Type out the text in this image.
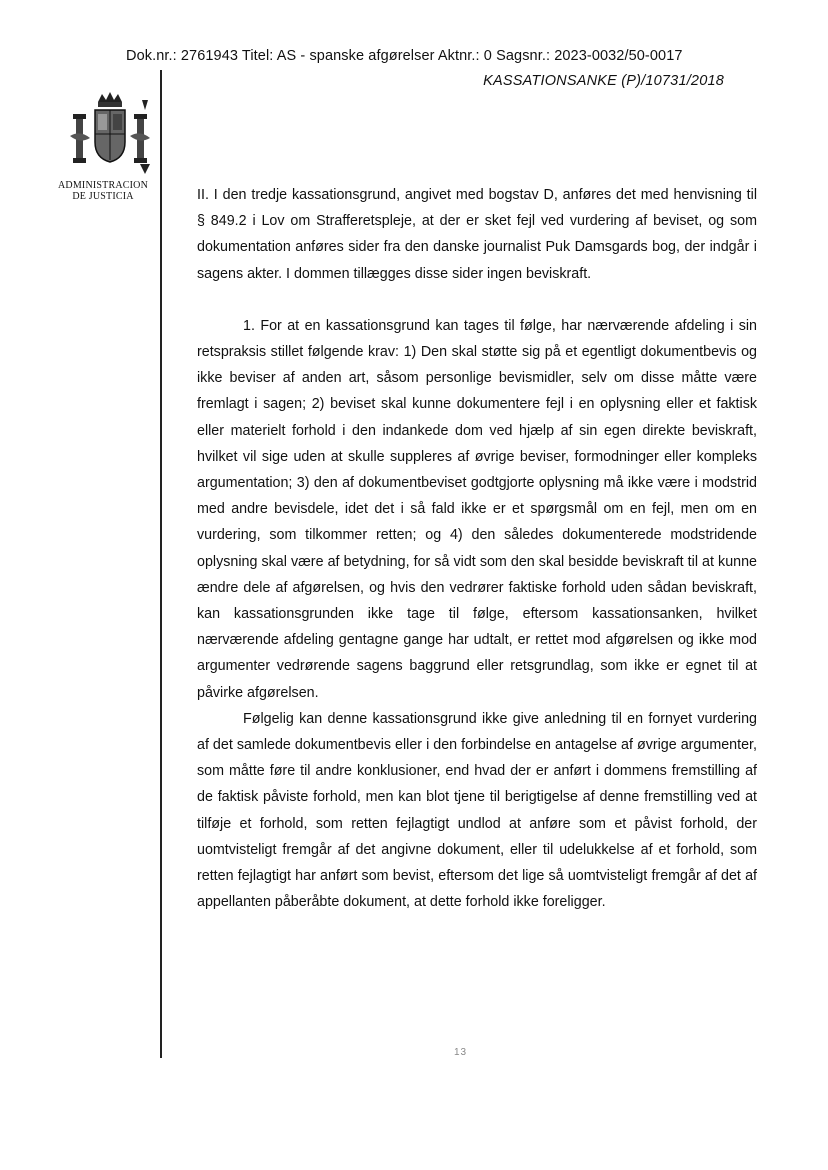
Dok.nr.: 2761943 Titel: AS - spanske afgørelser Aktnr.: 0 Sagsnr.: 2023-0032/50-0017
KASSATIONSANKE (P)/10731/2018
ADMINISTRACION
DE JUSTICIA	II. I den tredje kassationsgrund, angivet med bogstav D, anføres det med henvisning til § 849.2 i Lov om Strafferetspleje, at der er sket fejl ved vurdering af beviset, og som dokumentation anføres sider fra den danske journalist Puk Damsgards bog, der indgår i sagens akter. I dommen tillægges disse sider ingen beviskraft.

1. For at en kassationsgrund kan tages til følge, har nærværende afdeling i sin retspraksis stillet følgende krav: 1) Den skal støtte sig på et egentligt dokumentbevis og ikke beviser af anden art, såsom personlige bevismidler, selv om disse måtte være fremlagt i sagen; 2) beviset skal kunne dokumentere fejl i en oplysning eller et faktisk eller materielt forhold i den indankede dom ved hjælp af sin egen direkte beviskraft, hvilket vil sige uden at skulle suppleres af øvrige beviser, formodninger eller kompleks argumentation; 3) den af dokumentbeviset godtgjorte oplysning må ikke være i modstrid med andre bevisdele, idet det i så fald ikke er et spørgsmål om en fejl, men om en vurdering, som tilkommer retten; og 4) den således dokumenterede modstridende oplysning skal være af betydning, for så vidt som den skal besidde beviskraft til at kunne ændre dele af afgørelsen, og hvis den vedrører faktiske forhold uden sådan beviskraft, kan kassationsgrunden ikke tage til følge, eftersom kassationsanken, hvilket nærværende afdeling gentagne gange har udtalt, er rettet mod afgørelsen og ikke mod argumenter vedrørende sagens baggrund eller retsgrundlag, som ikke er egnet til at påvirke afgørelsen.

Følgelig kan denne kassationsgrund ikke give anledning til en fornyet vurdering af det samlede dokumentbevis eller i den forbindelse en antagelse af øvrige argumenter, som måtte føre til andre konklusioner, end hvad der er anført i dommens fremstilling af de faktisk påviste forhold, men kan blot tjene til berigtigelse af denne fremstilling ved at tilføje et forhold, som retten fejlagtigt undlod at anføre som et påvist forhold, der uomtvisteligt fremgår af det angivne dokument, eller til udelukkelse af et forhold, som retten fejlagtigt har anført som bevist, eftersom det lige så uomtvisteligt fremgår af det af appellanten påberåbte dokument, at dette forhold ikke foreligger.

13
